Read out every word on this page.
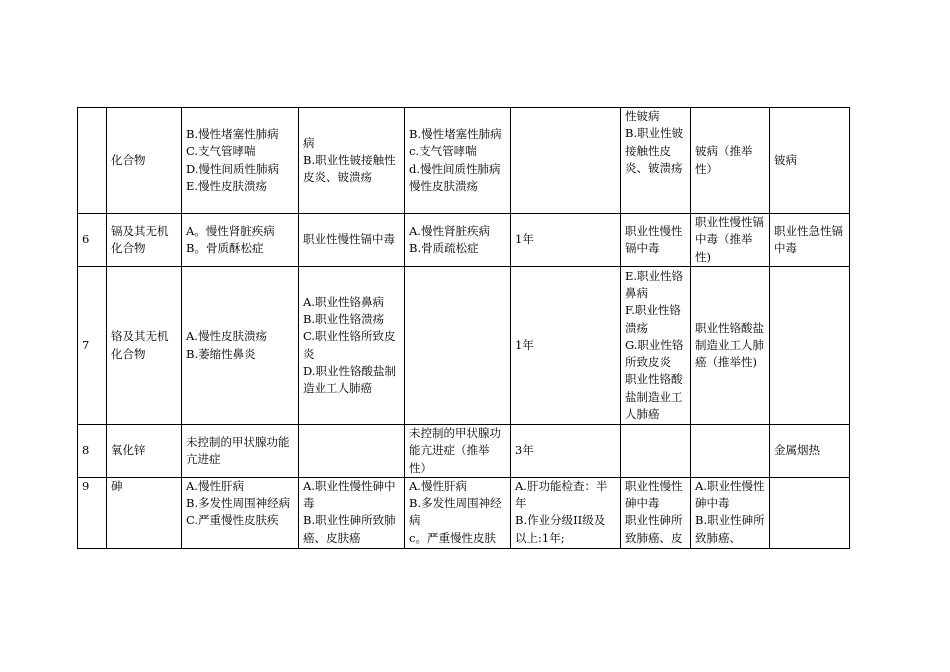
	化合物	B.慢性堵塞性肺病
C.支气管哮喘
D.慢性间质性肺病
E.慢性皮肤溃疡	病
B.职业性铍接触性皮炎、铍溃疡	B.慢性堵塞性肺病
c.支气管哮喘
d.慢性间质性肺病慢性皮肤溃疡		性铍病
B.职业性铍接触性皮炎、铍溃疡	铍病（推举性）	铍病
6	镉及其无机化合物	A。慢性肾脏疾病
B。骨质酥松症	职业性慢性镉中毒	A.慢性肾脏疾病
B.骨质疏松症	1年	职业性慢性镉中毒	职业性慢性镉中毒（推举性)	职业性急性镉中毒
7	铬及其无机化合物	A.慢性皮肤溃疡
B.萎缩性鼻炎	A.职业性铬鼻病
B.职业性铬溃疡
C.职业性铬所致皮炎
D.职业性铬酸盐制造业工人肺癌		1年	E.职业性铬鼻病
F.职业性铬溃疡
G.职业性铬所致皮炎
职业性铬酸盐制造业工人肺癌	职业性铬酸盐制造业工人肺癌（推举性)	
8	氧化锌	未控制的甲状腺功能亢进症		未控制的甲状腺功能亢进症（推举性）	3年			金属烟热
9	砷	A.慢性肝病
B.多发性周围神经病
C.严重慢性皮肤疾	A.职业性慢性砷中毒
B.职业性砷所致肺癌、皮肤癌	A.慢性肝病
B.多发性周围神经病
c。严重慢性皮肤	A.肝功能检查：半年
B.作业分级II级及以上:1年;	职业性慢性砷中毒
职业性砷所致肺癌、皮	A.职业性慢性砷中毒
B.职业性砷所致肺癌、	
